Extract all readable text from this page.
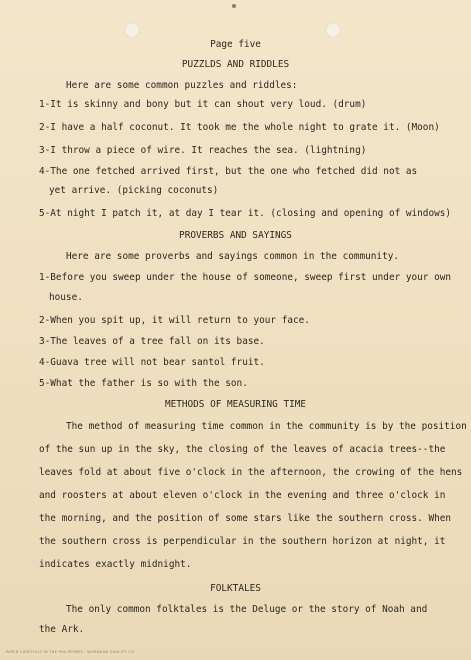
Page five
PUZZLDS AND RIDDLES
Here are some common puzzles and riddles:
1-It is skinny and bony but it can shout very loud. (drum)
2-I have a half coconut. It took me the whole night to grate it. (Moon)
3-I throw a piece of wire. It reaches the sea. (lightning)
4-The one fetched arrived first, but the one who fetched did not as
yet arrive. (picking coconuts)
5-At night I patch it, at day I tear it. (closing and opening of windows)
PROVERBS AND SAYINGS
Here are some proverbs and sayings common in the community.
1-Before you sweep under the house of someone, sweep first under your own
house.
2-When you spit up, it will return to your face.
3-The leaves of a tree fall on its base.
4-Guava tree will not bear santol fruit.
5-What the father is so with the son.
METHODS OF MEASURING TIME
The method of measuring time common in the community is by the position
of the sun up in the sky, the closing of the leaves of acacia trees--the
leaves fold at about five o'clock in the afternoon, the crowing of the hens
and roosters at about eleven o'clock in the evening and three o'clock in
the morning, and the position of some stars like the southern cross. When
the southern cross is perpendicular in the southern horizon at night, it
indicates exactly midnight.
FOLKTALES
The only common folktales is the Deluge or the story of Noah and
the Ark.
PAPER CAREFULLY IN THE PHILIPPINES . WORKMAN QUALITY CO.
